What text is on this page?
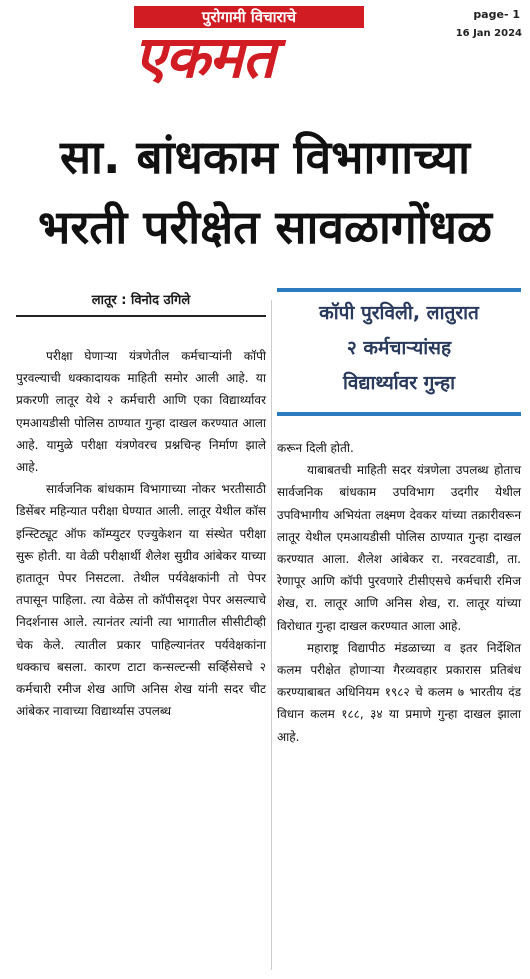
पुरोगामी विचाराचे
एकमत
page- 1
16 Jan 2024
सा. बांधकाम विभागाच्या
भरती परीक्षेत सावळागोंधळ
लातूर : विनोद उगिले
कॉपी पुरविली, लातुरात
२ कर्मचाऱ्यांसह
विद्यार्थ्यावर गुन्हा

परीक्षा घेणाऱ्या यंत्रणेतील कर्मचाऱ्यांनी कॉपी पुरवल्याची धक्कादायक माहिती समोर आली आहे. या प्रकरणी लातूर येथे २ कर्मचारी आणि एका विद्यार्थ्यावर एमआयडीसी पोलिस ठाण्यात गुन्हा दाखल करण्यात आला आहे. यामुळे परीक्षा यंत्रणेवरच प्रश्नचिन्ह निर्माण झाले आहे.

सार्वजनिक बांधकाम विभागाच्या नोकर भरतीसाठी डिसेंबर महिन्यात परीक्षा घेण्यात आली. लातूर येथील कॉस इन्स्टिट्यूट ऑफ कॉम्प्युटर एज्युकेशन या संस्थेत परीक्षा सुरू होती. या वेळी परीक्षार्थी शैलेश सुग्रीव आंबेकर याच्या हातातून पेपर निसटला. तेथील पर्यवेक्षकांनी तो पेपर तपासून पाहिला. त्या वेळेस तो कॉपीसदृश पेपर असल्याचे निदर्शनास आले. त्यानंतर त्यांनी त्या भागातील सीसीटीव्ही चेक केले. त्यातील प्रकार पाहिल्यानंतर पर्यवेक्षकांना धक्काच बसला. कारण टाटा कन्सल्टन्सी सर्व्हिसेसचे २ कर्मचारी रमीज शेख आणि अनिस शेख यांनी सदर चीट आंबेकर नावाच्या विद्यार्थ्यास उपलब्ध

करून दिली होती.

याबाबतची माहिती सदर यंत्रणेला उपलब्ध होताच सार्वजनिक बांधकाम उपविभाग उदगीर येथील उपविभागीय अभियंता लक्ष्मण देवकर यांच्या तक्रारीवरून लातूर येथील एमआयडीसी पोलिस ठाण्यात गुन्हा दाखल करण्यात आला. शैलेश आंबेकर रा. नरवटवाडी, ता. रेणापूर आणि कॉपी पुरवणारे टीसीएसचे कर्मचारी रमिज शेख, रा. लातूर आणि अनिस शेख, रा. लातूर यांच्या विरोधात गुन्हा दाखल करण्यात आला आहे.

महाराष्ट्र विद्यापीठ मंडळाच्या व इतर निर्देशित कलम परीक्षेत होणाऱ्या गैरव्यवहार प्रकारास प्रतिबंध करण्याबाबत अधिनियम १९८२ चे कलम ७ भारतीय दंड विधान कलम १८८, ३४ या प्रमाणे गुन्हा दाखल झाला आहे.
